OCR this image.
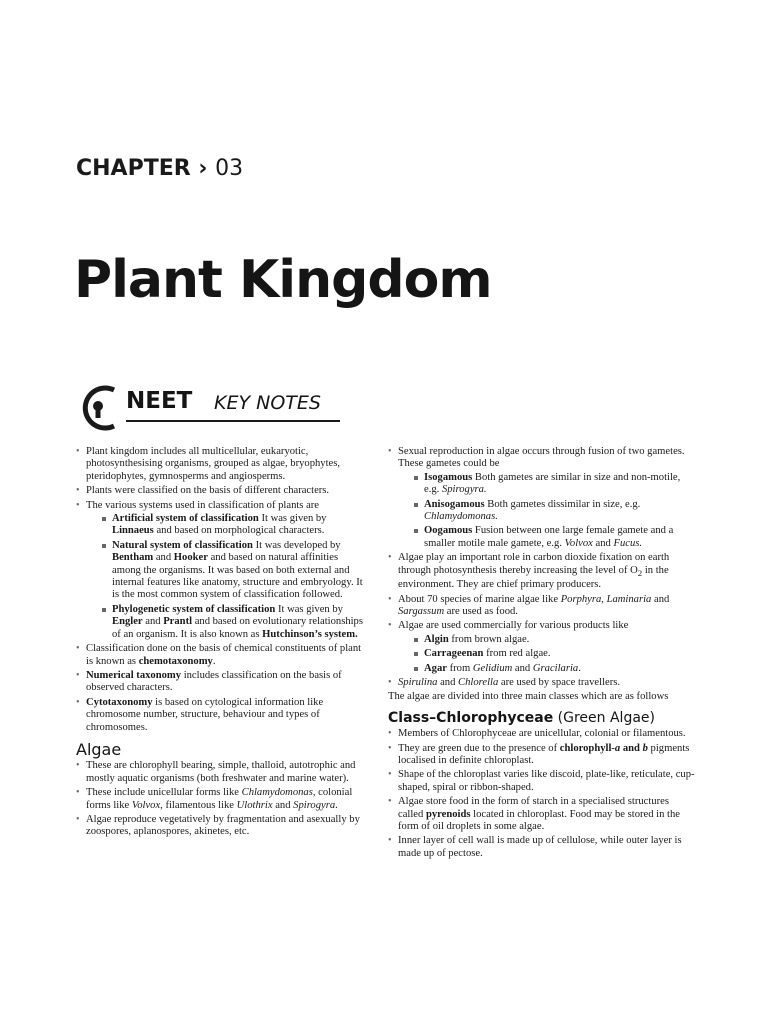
CHAPTER › 03
Plant Kingdom
NEET KEY NOTES
• Plant kingdom includes all multicellular, eukaryotic, photosynthesising organisms, grouped as algae, bryophytes, pteridophytes, gymnosperms and angiosperms.
• Plants were classified on the basis of different characters.
• The various systems used in classification of plants are
Artificial system of classification It was given by Linnaeus and based on morphological characters.
Natural system of classification It was developed by Bentham and Hooker and based on natural affinities among the organisms. It was based on both external and internal features like anatomy, structure and embryology. It is the most common system of classification followed.
Phylogenetic system of classification It was given by Engler and Prantl and based on evolutionary relationships of an organism. It is also known as Hutchinson’s system.
• Classification done on the basis of chemical constituents of plant is known as chemotaxonomy.
• Numerical taxonomy includes classification on the basis of observed characters.
• Cytotaxonomy is based on cytological information like chromosome number, structure, behaviour and types of chromosomes.
Algae
• These are chlorophyll bearing, simple, thalloid, autotrophic and mostly aquatic organisms (both freshwater and marine water).
• These include unicellular forms like Chlamydomonas, colonial forms like Volvox, filamentous like Ulothrix and Spirogyra.
• Algae reproduce vegetatively by fragmentation and asexually by zoospores, aplanospores, akinetes, etc.
• Sexual reproduction in algae occurs through fusion of two gametes. These gametes could be
Isogamous Both gametes are similar in size and non-motile, e.g. Spirogyra.
Anisogamous Both gametes dissimilar in size, e.g. Chlamydomonas.
Oogamous Fusion between one large female gamete and a smaller motile male gamete, e.g. Volvox and Fucus.
• Algae play an important role in carbon dioxide fixation on earth through photosynthesis thereby increasing the level of $O_2$ in the environment. They are chief primary producers.
• About 70 species of marine algae like Porphyra, Laminaria and Sargassum are used as food.
• Algae are used commercially for various products like
Algin from brown algae.
Carrageenan from red algae.
Agar from Gelidium and Gracilaria.
• Spirulina and Chlorella are used by space travellers.
The algae are divided into three main classes which are as follows
Class–Chlorophyceae (Green Algae)
• Members of Chlorophyceae are unicellular, colonial or filamentous.
• They are green due to the presence of chlorophyll-a and b pigments localised in definite chloroplast.
• Shape of the chloroplast varies like discoid, plate-like, reticulate, cup-shaped, spiral or ribbon-shaped.
• Algae store food in the form of starch in a specialised structures called pyrenoids located in chloroplast. Food may be stored in the form of oil droplets in some algae.
• Inner layer of cell wall is made up of cellulose, while outer layer is made up of pectose.
